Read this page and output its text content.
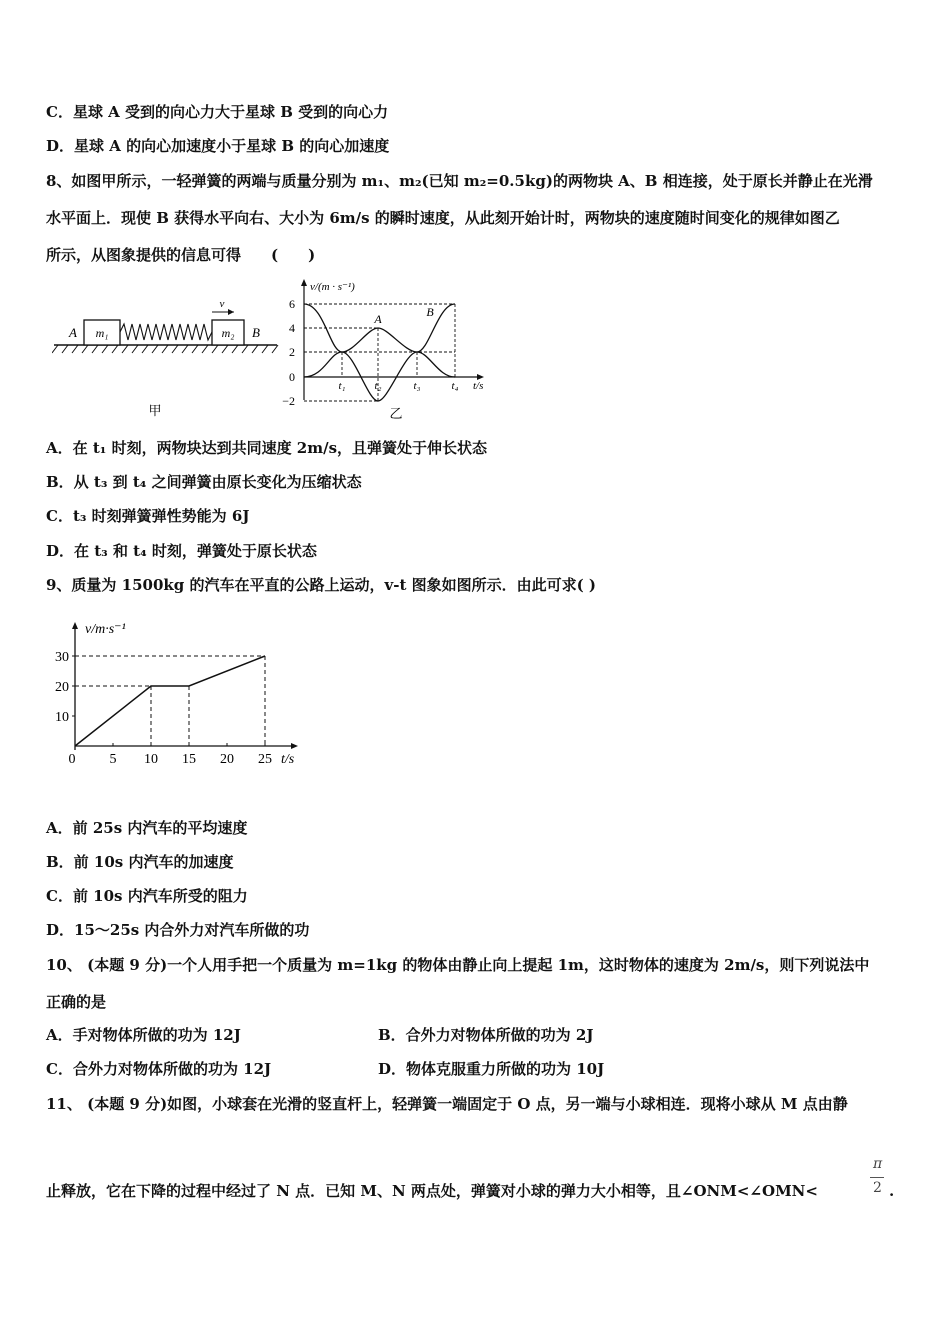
C．星球 A 受到的向心力大于星球 B 受到的向心力
D．星球 A 的向心加速度小于星球 B 的向心加速度
8、如图甲所示，一轻弹簧的两端与质量分别为 m₁、m₂(已知 m₂=0.5kg)的两物块 A、B 相连接，处于原长并静止在光滑
水平面上．现使 B 获得水平向右、大小为 6m/s 的瞬时速度，从此刻开始计时，两物块的速度随时间变化的规律如图乙
所示，从图象提供的信息可得　　(　　)
v
A m₁	m₂ B
甲
v/(m · s⁻¹)
6
4
2
0
−2
t₁	t₂	t₃	t₄ t/s
A	B
乙
A．在 t₁ 时刻，两物块达到共同速度 2m/s，且弹簧处于伸长状态
B．从 t₃ 到 t₄ 之间弹簧由原长变化为压缩状态
C．t₃ 时刻弹簧弹性势能为 6J
D．在 t₃ 和 t₄ 时刻，弹簧处于原长状态
9、质量为 1500kg 的汽车在平直的公路上运动，v-t 图象如图所示．由此可求( )
v/m·s⁻¹
t/s
10
20
30
0 5 10 15 20 25
A．前 25s 内汽车的平均速度
B．前 10s 内汽车的加速度
C．前 10s 内汽车所受的阻力
D．15～25s 内合外力对汽车所做的功
10、 (本题 9 分)一个人用手把一个质量为 m=1kg 的物体由静止向上提起 1m，这时物体的速度为 2m/s，则下列说法中
正确的是
A．手对物体所做的功为 12J	B．合外力对物体所做的功为 2J
C．合外力对物体所做的功为 12J	D．物体克服重力所做的功为 10J
11、 (本题 9 分)如图，小球套在光滑的竖直杆上，轻弹簧一端固定于 O 点，另一端与小球相连．现将小球从 M 点由静
止释放，它在下降的过程中经过了 N 点．已知 M、N 两点处，弹簧对小球的弹力大小相等，且∠ONM<∠OMN<
π
2 .
